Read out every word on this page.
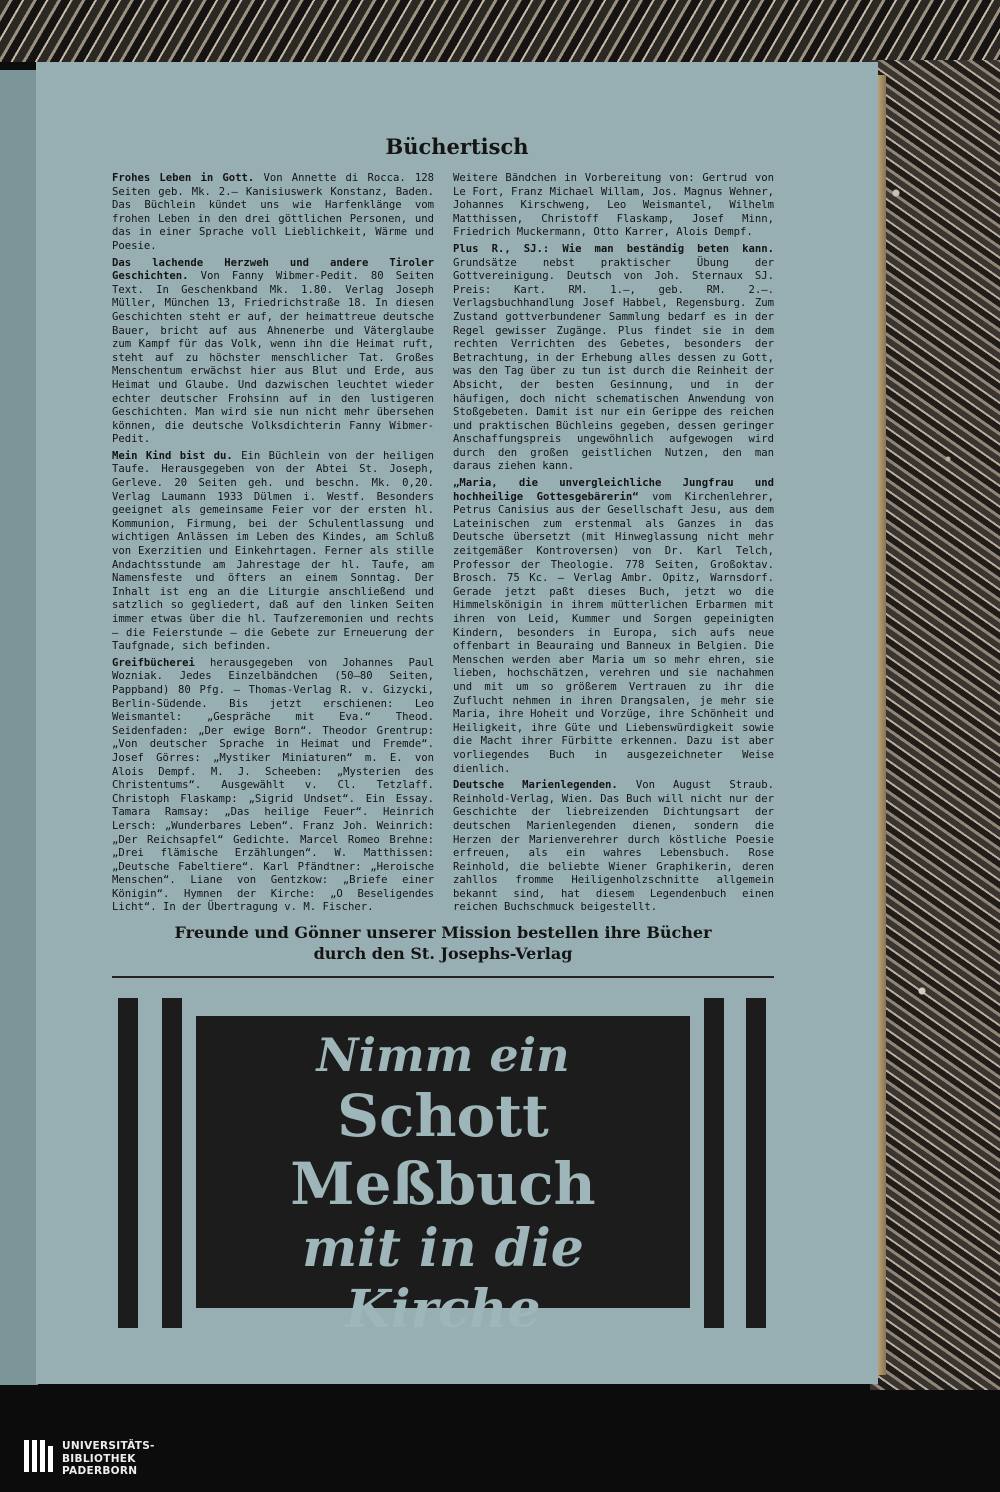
Büchertisch

Frohes Leben in Gott. Von Annette di Rocca. 128 Seiten geb. Mk. 2.— Kanisiuswerk Konstanz, Baden. Das Büchlein kündet uns wie Harfenklänge vom frohen Leben in den drei göttlichen Personen, und das in einer Sprache voll Lieblichkeit, Wärme und Poesie.

Das lachende Herzweh und andere Tiroler Geschichten. Von Fanny Wibmer-Pedit. 80 Seiten Text. In Geschenkband Mk. 1.80. Verlag Joseph Müller, München 13, Friedrichstraße 18. In diesen Geschichten steht er auf, der heimattreue deutsche Bauer, bricht auf aus Ahnenerbe und Väterglaube zum Kampf für das Volk, wenn ihn die Heimat ruft, steht auf zu höchster menschlicher Tat. Großes Menschentum erwächst hier aus Blut und Erde, aus Heimat und Glaube. Und dazwischen leuchtet wieder echter deutscher Frohsinn auf in den lustigeren Geschichten. Man wird sie nun nicht mehr übersehen können, die deutsche Volksdichterin Fanny Wibmer-Pedit.

Mein Kind bist du. Ein Büchlein von der heiligen Taufe. Herausgegeben von der Abtei St. Joseph, Gerleve. 20 Seiten geh. und beschn. Mk. 0,20. Verlag Laumann 1933 Dülmen i. Westf. Besonders geeignet als gemeinsame Feier vor der ersten hl. Kommunion, Firmung, bei der Schulentlassung und wichtigen Anlässen im Leben des Kindes, am Schluß von Exerzitien und Einkehrtagen. Ferner als stille Andachtsstunde am Jahrestage der hl. Taufe, am Namensfeste und öfters an einem Sonntag. Der Inhalt ist eng an die Liturgie anschließend und satzlich so gegliedert, daß auf den linken Seiten immer etwas über die hl. Taufzeremonien und rechts — die Feierstunde — die Gebete zur Erneuerung der Taufgnade, sich befinden.

Greifbücherei herausgegeben von Johannes Paul Wozniak. Jedes Einzelbändchen (50—80 Seiten, Pappband) 80 Pfg. — Thomas-Verlag R. v. Gizycki, Berlin-Südende. Bis jetzt erschienen: Leo Weismantel: „Gespräche mit Eva.“ Theod. Seidenfaden: „Der ewige Born“. Theodor Grentrup: „Von deutscher Sprache in Heimat und Fremde“. Josef Görres: „Mystiker Miniaturen“ m. E. von Alois Dempf. M. J. Scheeben: „Mysterien des Christentums“. Ausgewählt v. Cl. Tetzlaff. Christoph Flaskamp: „Sigrid Undset“. Ein Essay. Tamara Ramsay: „Das heilige Feuer“. Heinrich Lersch: „Wunderbares Leben“. Franz Joh. Weinrich: „Der Reichsapfel“ Gedichte. Marcel Romeo Brehne: „Drei flämische Erzählungen“. W. Matthissen: „Deutsche Fabeltiere“. Karl Pfändtner: „Heroische Menschen“. Liane von Gentzkow: „Briefe einer Königin“. Hymnen der Kirche: „O Beseligendes Licht“. In der Übertragung v. M. Fischer.

Weitere Bändchen in Vorbereitung von: Gertrud von Le Fort, Franz Michael Willam, Jos. Magnus Wehner, Johannes Kirschweng, Leo Weismantel, Wilhelm Matthissen, Christoff Flaskamp, Josef Minn, Friedrich Muckermann, Otto Karrer, Alois Dempf.

Plus R., SJ.: Wie man beständig beten kann. Grundsätze nebst praktischer Übung der Gottvereinigung. Deutsch von Joh. Sternaux SJ. Preis: Kart. RM. 1.—, geb. RM. 2.—. Verlagsbuchhandlung Josef Habbel, Regensburg. Zum Zustand gottverbundener Sammlung bedarf es in der Regel gewisser Zugänge. Plus findet sie in dem rechten Verrichten des Gebetes, besonders der Betrachtung, in der Erhebung alles dessen zu Gott, was den Tag über zu tun ist durch die Reinheit der Absicht, der besten Gesinnung, und in der häufigen, doch nicht schematischen Anwendung von Stoßgebeten. Damit ist nur ein Gerippe des reichen und praktischen Büchleins gegeben, dessen geringer Anschaffungspreis ungewöhnlich aufgewogen wird durch den großen geistlichen Nutzen, den man daraus ziehen kann.

„Maria, die unvergleichliche Jungfrau und hochheilige Gottesgebärerin“ vom Kirchenlehrer, Petrus Canisius aus der Gesellschaft Jesu, aus dem Lateinischen zum erstenmal als Ganzes in das Deutsche übersetzt (mit Hinweglassung nicht mehr zeitgemäßer Kontroversen) von Dr. Karl Telch, Professor der Theologie. 778 Seiten, Großoktav. Brosch. 75 Kc. — Verlag Ambr. Opitz, Warnsdorf. Gerade jetzt paßt dieses Buch, jetzt wo die Himmelskönigin in ihrem mütterlichen Erbarmen mit ihren von Leid, Kummer und Sorgen gepeinigten Kindern, besonders in Europa, sich aufs neue offenbart in Beauraing und Banneux in Belgien. Die Menschen werden aber Maria um so mehr ehren, sie lieben, hochschätzen, verehren und sie nachahmen und mit um so größerem Vertrauen zu ihr die Zuflucht nehmen in ihren Drangsalen, je mehr sie Maria, ihre Hoheit und Vorzüge, ihre Schönheit und Heiligkeit, ihre Güte und Liebenswürdigkeit sowie die Macht ihrer Fürbitte erkennen. Dazu ist aber vorliegendes Buch in ausgezeichneter Weise dienlich.

Deutsche Marienlegenden. Von August Straub. Reinhold-Verlag, Wien. Das Buch will nicht nur der Geschichte der liebreizenden Dichtungsart der deutschen Marienlegenden dienen, sondern die Herzen der Marienverehrer durch köstliche Poesie erfreuen, als ein wahres Lebensbuch. Rose Reinhold, die beliebte Wiener Graphikerin, deren zahllos fromme Heiligenholzschnitte allgemein bekannt sind, hat diesem Legendenbuch einen reichen Buchschmuck beigestellt.

Freunde und Gönner unserer Mission bestellen ihre Bücher
durch den St. Josephs-Verlag
Nimm ein
Schott Meßbuch
mit in die Kirche
UNIVERSITÄTS-
BIBLIOTHEK
PADERBORN
